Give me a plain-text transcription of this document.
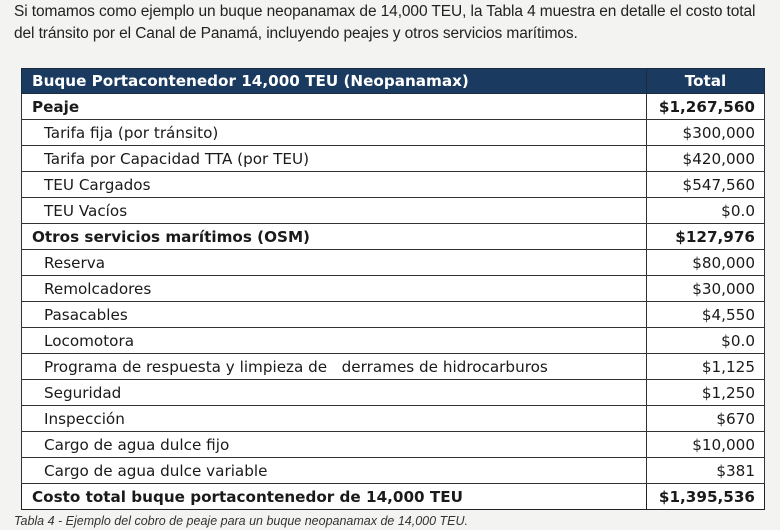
Si tomamos como ejemplo un buque neopanamax de 14,000 TEU, la Tabla 4 muestra en detalle el costo total del tránsito por el Canal de Panamá, incluyendo peajes y otros servicios marítimos.
Buque Portacontenedor 14,000 TEU (Neopanamax)	Total
Peaje	$1,267,560
Tarifa fija (por tránsito)	$300,000
Tarifa por Capacidad TTA (por TEU)	$420,000
TEU Cargados	$547,560
TEU Vacíos	$0.0
Otros servicios marítimos (OSM)	$127,976
Reserva	$80,000
Remolcadores	$30,000
Pasacables	$4,550
Locomotora	$0.0
Programa de respuesta y limpieza de   derrames de hidrocarburos	$1,125
Seguridad	$1,250
Inspección	$670
Cargo de agua dulce fijo	$10,000
Cargo de agua dulce variable	$381
Costo total buque portacontenedor de 14,000 TEU	$1,395,536
Tabla 4 - Ejemplo del cobro de peaje para un buque neopanamax de 14,000 TEU.
